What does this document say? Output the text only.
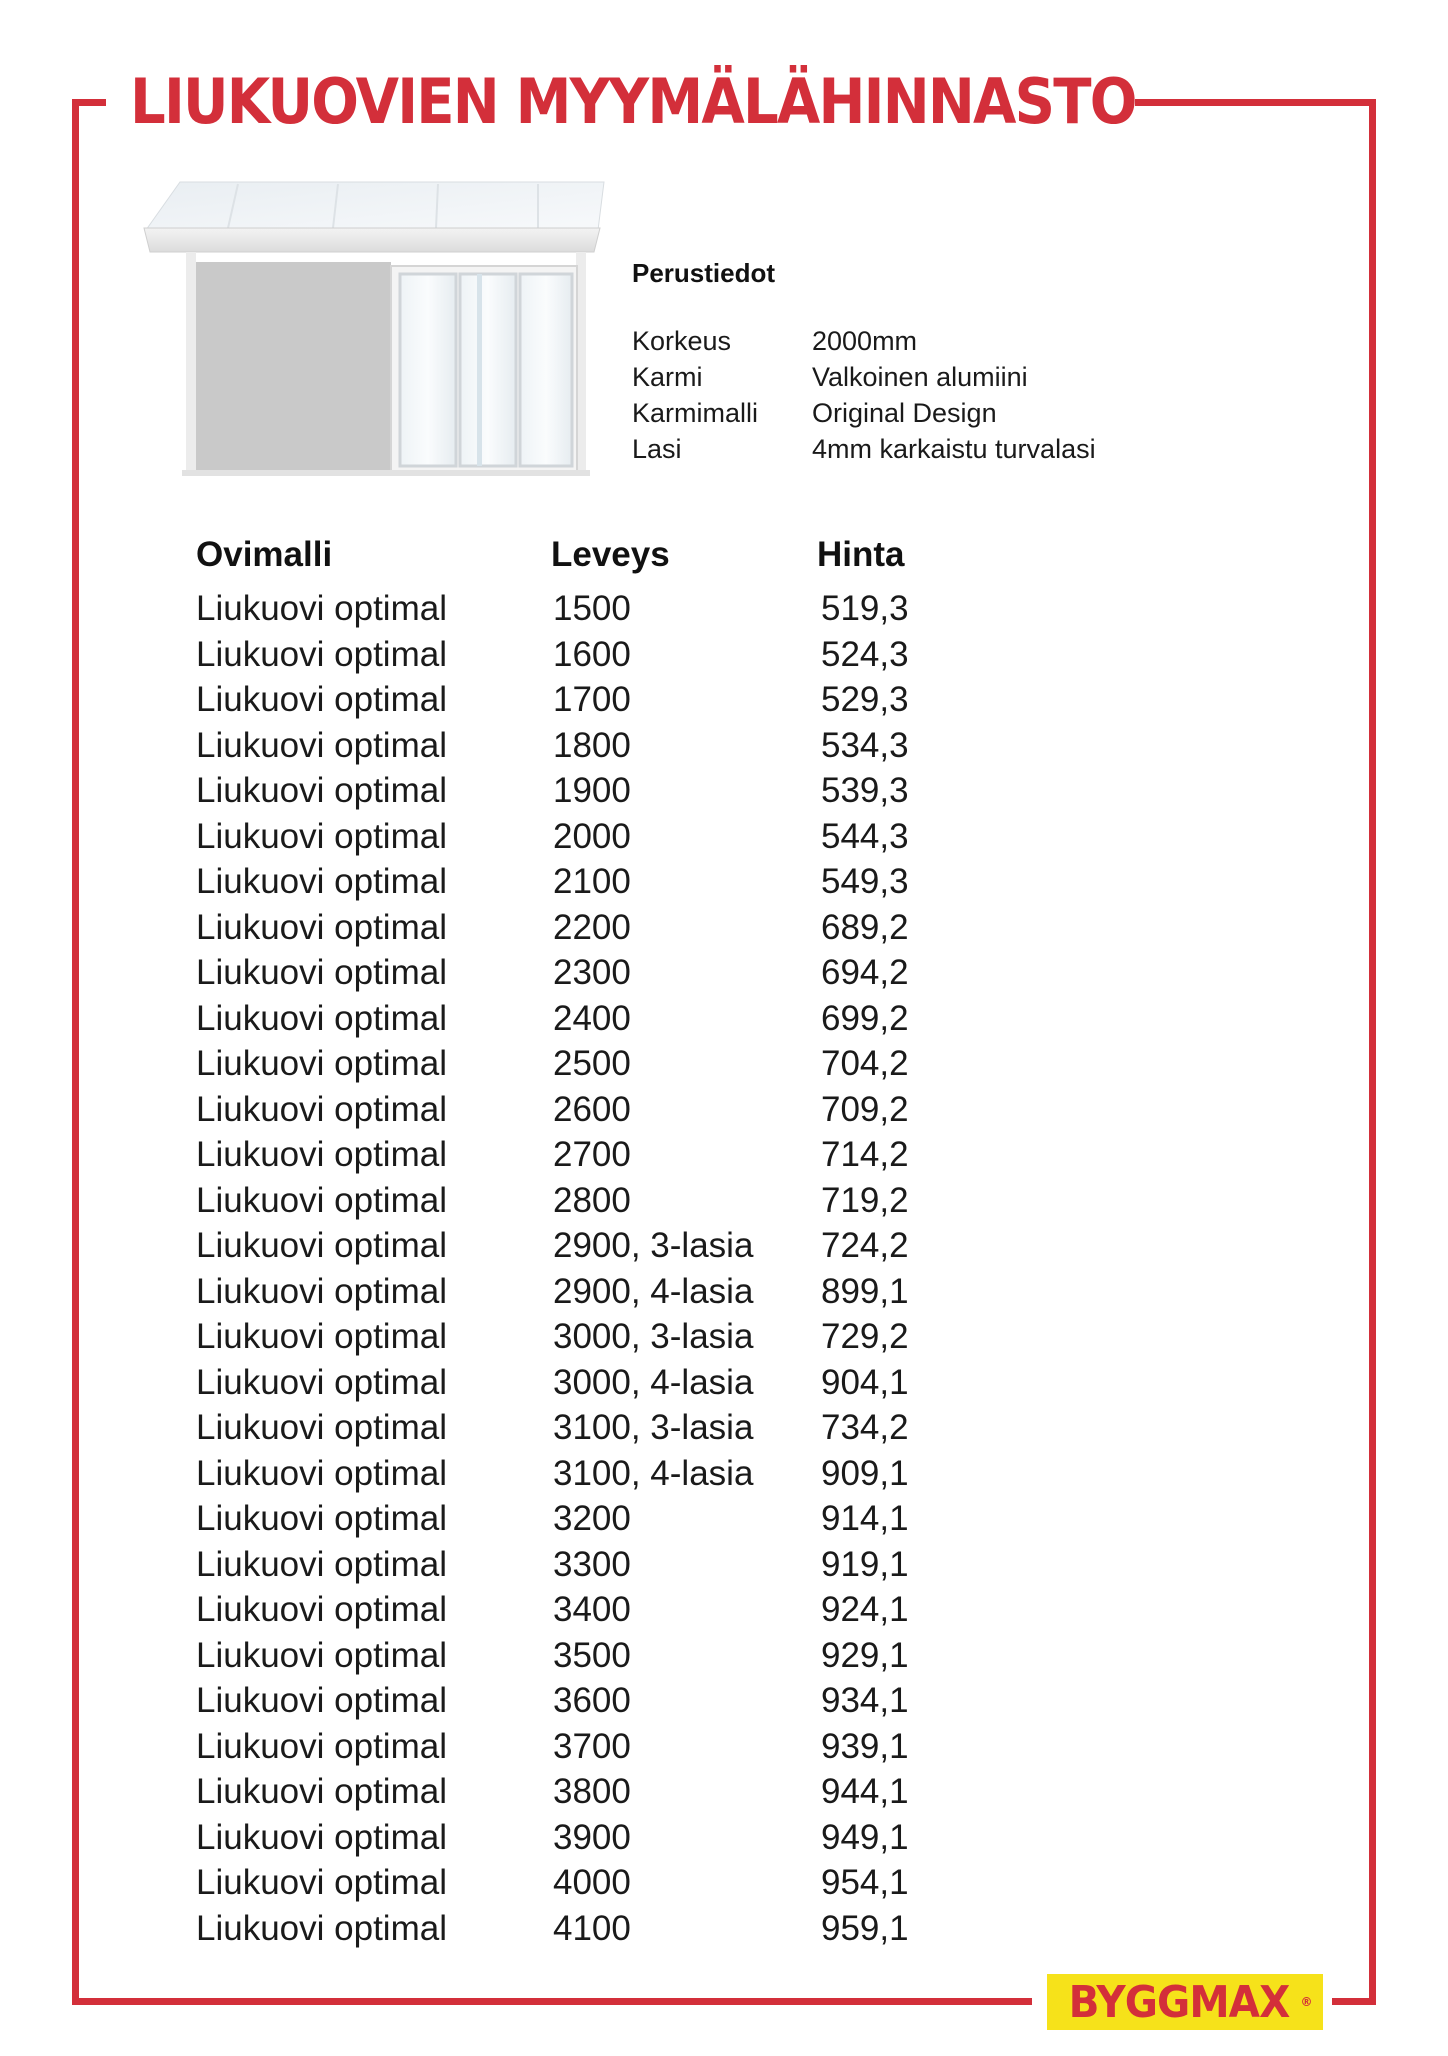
LIUKUOVIEN MYYMÄLÄHINNASTO

Perustiedot

Korkeus	2000mm
Karmi	Valkoinen alumiini
Karmimalli	Original Design
Lasi	4mm karkaistu turvalasi
Ovimalli	Leveys	Hinta
Liukuovi optimal	1500	519,3
Liukuovi optimal	1600	524,3
Liukuovi optimal	1700	529,3
Liukuovi optimal	1800	534,3
Liukuovi optimal	1900	539,3
Liukuovi optimal	2000	544,3
Liukuovi optimal	2100	549,3
Liukuovi optimal	2200	689,2
Liukuovi optimal	2300	694,2
Liukuovi optimal	2400	699,2
Liukuovi optimal	2500	704,2
Liukuovi optimal	2600	709,2
Liukuovi optimal	2700	714,2
Liukuovi optimal	2800	719,2
Liukuovi optimal	2900, 3-lasia	724,2
Liukuovi optimal	2900, 4-lasia	899,1
Liukuovi optimal	3000, 3-lasia	729,2
Liukuovi optimal	3000, 4-lasia	904,1
Liukuovi optimal	3100, 3-lasia	734,2
Liukuovi optimal	3100, 4-lasia	909,1
Liukuovi optimal	3200	914,1
Liukuovi optimal	3300	919,1
Liukuovi optimal	3400	924,1
Liukuovi optimal	3500	929,1
Liukuovi optimal	3600	934,1
Liukuovi optimal	3700	939,1
Liukuovi optimal	3800	944,1
Liukuovi optimal	3900	949,1
Liukuovi optimal	4000	954,1
Liukuovi optimal	4100	959,1
BYGGMAX ®
